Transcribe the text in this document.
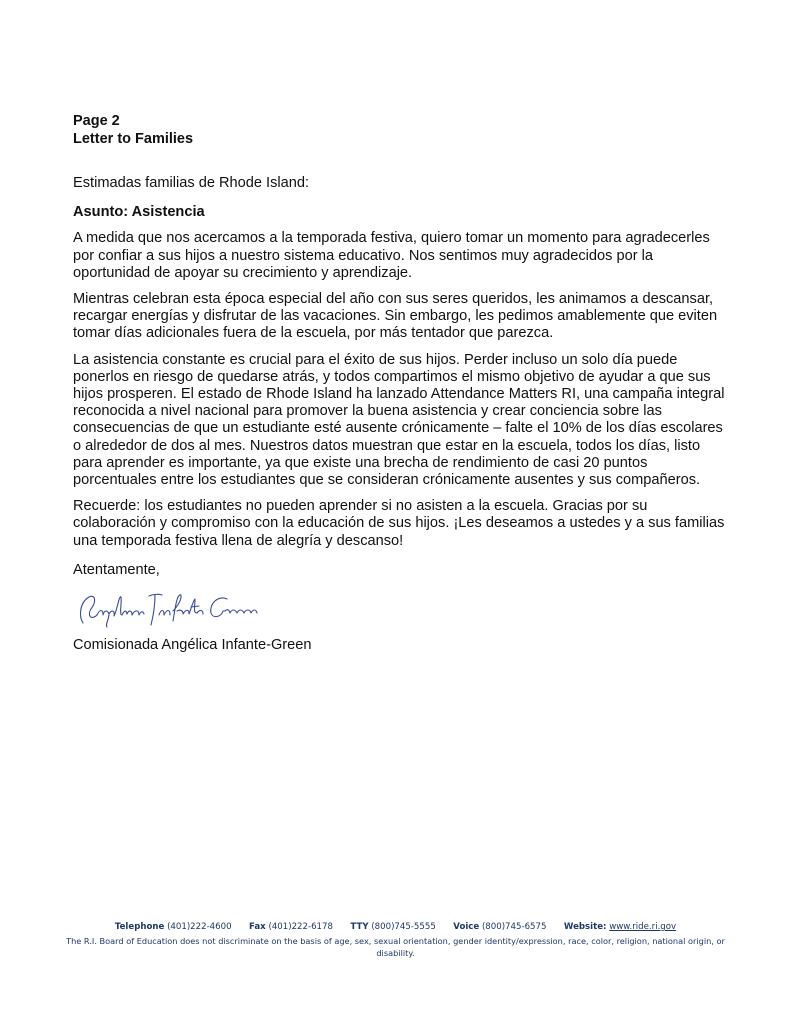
Page 2
Letter to Families

Estimadas familias de Rhode Island:

Asunto: Asistencia

A medida que nos acercamos a la temporada festiva, quiero tomar un momento para agradecerles por confiar a sus hijos a nuestro sistema educativo. Nos sentimos muy agradecidos por la oportunidad de apoyar su crecimiento y aprendizaje.

Mientras celebran esta época especial del año con sus seres queridos, les animamos a descansar, recargar energías y disfrutar de las vacaciones. Sin embargo, les pedimos amablemente que eviten tomar días adicionales fuera de la escuela, por más tentador que parezca.

La asistencia constante es crucial para el éxito de sus hijos. Perder incluso un solo día puede ponerlos en riesgo de quedarse atrás, y todos compartimos el mismo objetivo de ayudar a que sus hijos prosperen. El estado de Rhode Island ha lanzado Attendance Matters RI, una campaña integral reconocida a nivel nacional para promover la buena asistencia y crear conciencia sobre las consecuencias de que un estudiante esté ausente crónicamente – falte el 10% de los días escolares o alrededor de dos al mes. Nuestros datos muestran que estar en la escuela, todos los días, listo para aprender es importante, ya que existe una brecha de rendimiento de casi 20 puntos porcentuales entre los estudiantes que se consideran crónicamente ausentes y sus compañeros.

Recuerde: los estudiantes no pueden aprender si no asisten a la escuela. Gracias por su colaboración y compromiso con la educación de sus hijos. ¡Les deseamos a ustedes y a sus familias una temporada festiva llena de alegría y descanso!

Atentamente,

Comisionada Angélica Infante-Green

Telephone (401)222-4600 Fax (401)222-6178 TTY (800)745-5555 Voice (800)745-6575 Website: www.ride.ri.gov
The R.I. Board of Education does not discriminate on the basis of age, sex, sexual orientation, gender identity/expression, race, color, religion, national origin, or disability.
